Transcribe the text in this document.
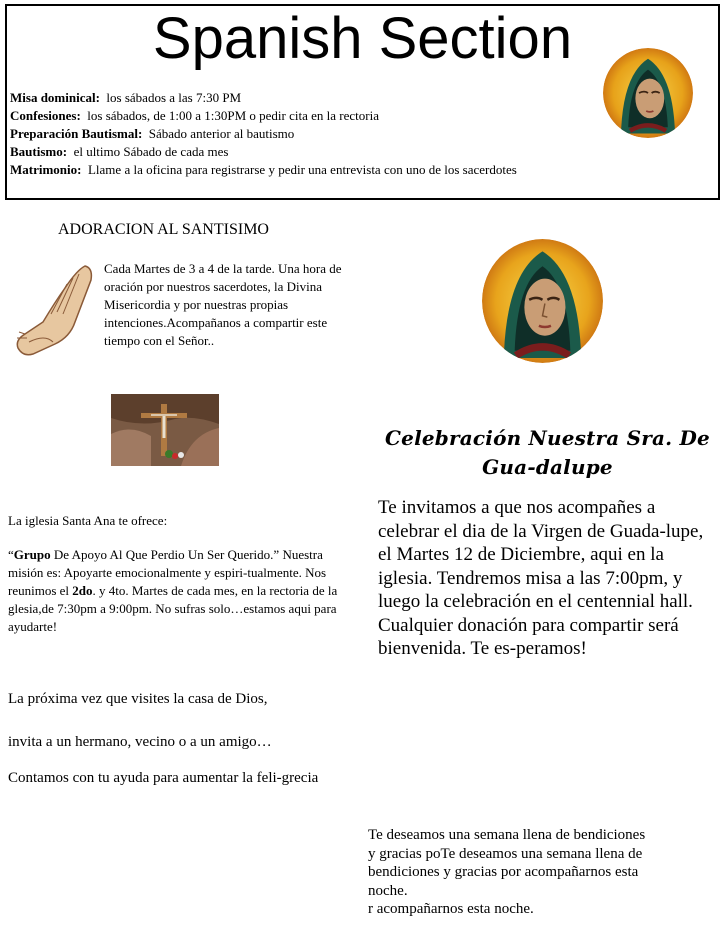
Spanish Section
Misa dominical: los sábados a las 7:30 PM
Confesiones: los sábados, de 1:00 a 1:30PM o pedir cita en la rectoria
Preparación Bautismal: Sábado anterior al bautismo
Bautismo: el ultimo Sábado de cada mes
Matrimonio: Llame a la oficina para registrarse y pedir una entrevista con uno de los sacerdotes
ADORACION AL SANTISIMO
Cada Martes de 3 a 4 de la tarde. Una hora de oración por nuestros sacerdotes, la Divina Misericordia y por nuestras propias intenciones.Acompañanos a compartir este tiempo con el Señor..
La iglesia Santa Ana te ofrece:
“Grupo De Apoyo Al Que Perdio Un Ser Querido.” Nuestra misión es: Apoyarte emocionalmente y espiri-tualmente. Nos reunimos el 2do. y 4to. Martes de cada mes, en la rectoria de la glesia,de 7:30pm a 9:00pm. No sufras solo…estamos aqui para ayudarte!
La próxima vez que visites la casa de Dios,
invita a un hermano, vecino o a un amigo…
Contamos con tu ayuda para aumentar la feli-grecia
Celebración Nuestra Sra. De Gua-dalupe
Te invitamos a que nos acompañes a celebrar el dia de la Virgen de Guada-lupe, el Martes 12 de Diciembre, aqui en la iglesia. Tendremos misa a las 7:00pm, y luego la celebración en el centennial hall. Cualquier donación para compartir será bienvenida. Te es-peramos!
Te deseamos una semana llena de bendiciones
y gracias poTe deseamos una semana llena de
bendiciones y gracias por acompañarnos esta
noche.
r acompañarnos esta noche.
